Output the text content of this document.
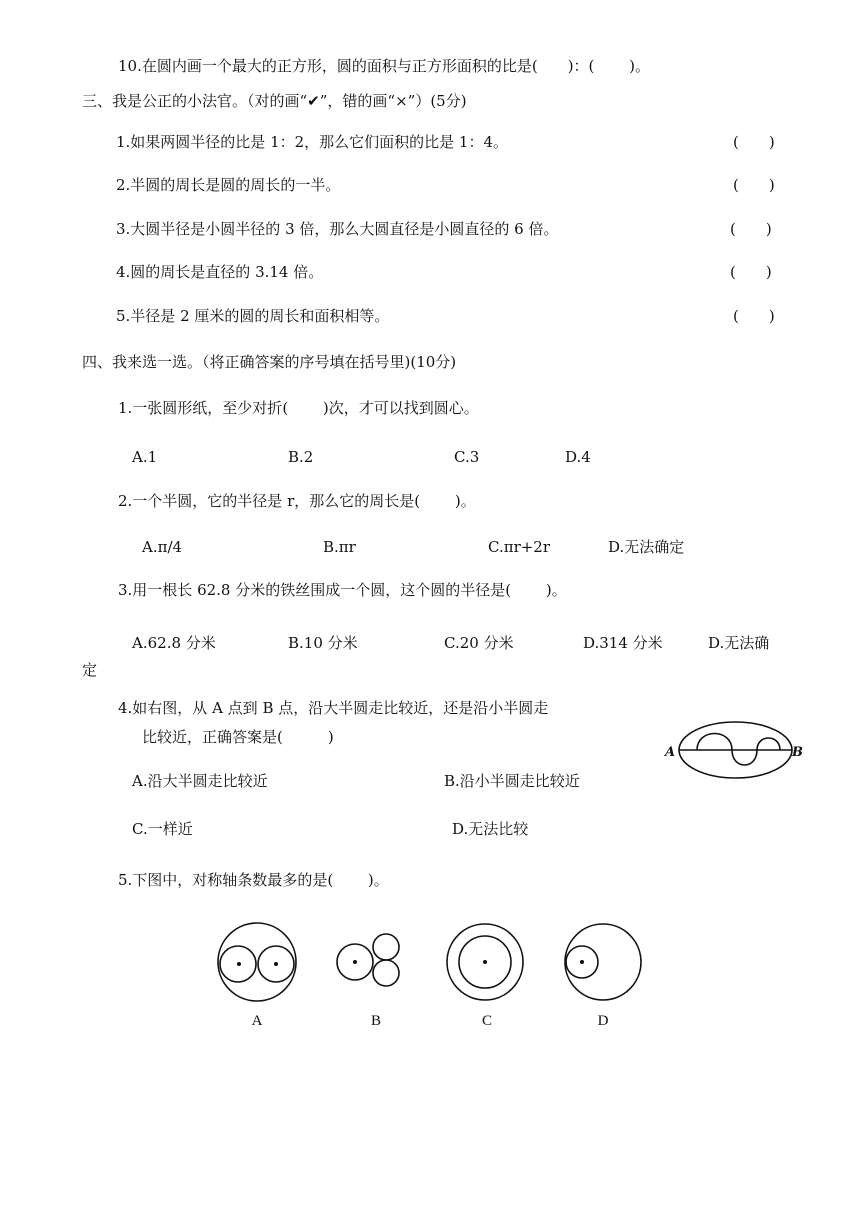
10.在圆内画一个最大的正方形，圆的面积与正方形面积的比是(　　)：(　　 )。
三、我是公正的小法官。（对的画“✔”，错的画“×”）(5分)
1.如果两圆半径的比是 1：2，那么它们面积的比是 1：4。	(　　)
2.半圆的周长是圆的周长的一半。	(　　)
3.大圆半径是小圆半径的 3 倍，那么大圆直径是小圆直径的 6 倍。	(　　)
4.圆的周长是直径的 3.14 倍。	(　　)
5.半径是 2 厘米的圆的周长和面积相等。	(　　)
四、我来选一选。（将正确答案的序号填在括号里)(10分)
1.一张圆形纸，至少对折(　　 )次，才可以找到圆心。
A.1	B.2	C.3	D.4
2.一个半圆，它的半径是 r，那么它的周长是(　　 )。
A.π/4	B.πr	C.πr+2r	D.无法确定
3.用一根长 62.8 分米的铁丝围成一个圆，这个圆的半径是(　　 )。
A.62.8 分米	B.10 分米	C.20 分米	D.314 分米	D.无法确
定
4.如右图，从 A 点到 B 点，沿大半圆走比较近，还是沿小半圆走
比较近，正确答案是(　　　)
A	B
A.沿大半圆走比较近	B.沿小半圆走比较近
C.一样近	D.无法比较
5.下图中，对称轴条数最多的是(　　 )。
A	B	C	D
